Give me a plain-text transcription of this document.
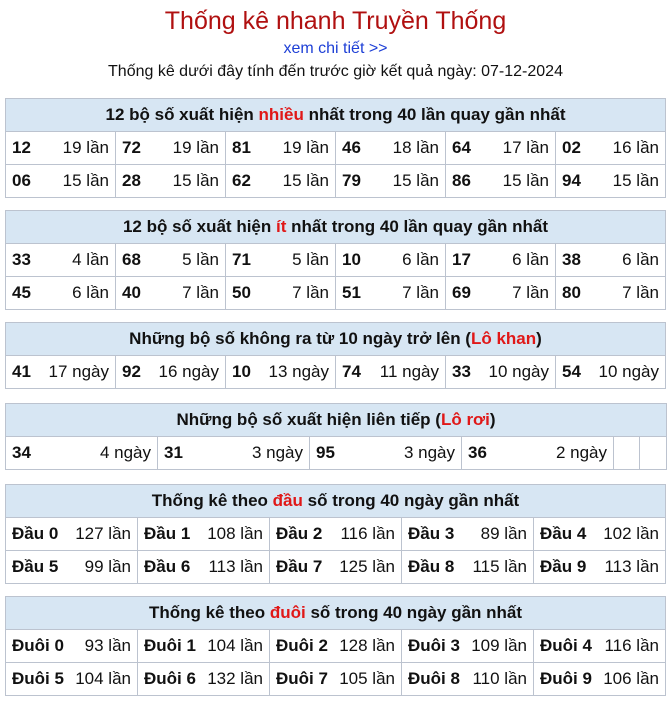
Thống kê nhanh Truyền Thống
xem chi tiết >>
Thống kê dưới đây tính đến trước giờ kết quả ngày: 07-12-2024
12 bộ số xuất hiện nhiều nhất trong 40 lần quay gần nhất					
12 19 lần	72 19 lần	81 19 lần	46 18 lần	64 17 lần	02 16 lần

06 15 lần	28 15 lần	62 15 lần	79 15 lần	86 15 lần	94 15 lần
12 bộ số xuất hiện ít nhất trong 40 lần quay gần nhất					
33 4 lần	68 5 lần	71 5 lần	10 6 lần	17 6 lần	38 6 lần

45 6 lần	40 7 lần	50 7 lần	51 7 lần	69 7 lần	80 7 lần
Những bộ số không ra từ 10 ngày trở lên (Lô khan)
41 17 ngày	92 16 ngày	10 13 ngày	74 11 ngày	33 10 ngày	54 10 ngày
Những bộ số xuất hiện liên tiếp (Lô rơi)
34	4 ngày	31	3 ngày	95	3 ngày	36	2 ngày

Thống kê theo đầu số trong 40 ngày gần nhất				
Đầu 0 127 lần	Đầu 1 108 lần	Đầu 2 116 lần	Đầu 3 89 lần	Đầu 4 102 lần

Đầu 5 99 lần	Đầu 6 113 lần	Đầu 7 125 lần	Đầu 8 115 lần	Đầu 9 113 lần
Thống kê theo đuôi số trong 40 ngày gần nhất				
Đuôi 0 93 lần	Đuôi 1 104 lần	Đuôi 2 128 lần	Đuôi 3 109 lần	Đuôi 4 116 lần

Đuôi 5 104 lần	Đuôi 6 132 lần	Đuôi 7 105 lần	Đuôi 8 110 lần	Đuôi 9 106 lần
